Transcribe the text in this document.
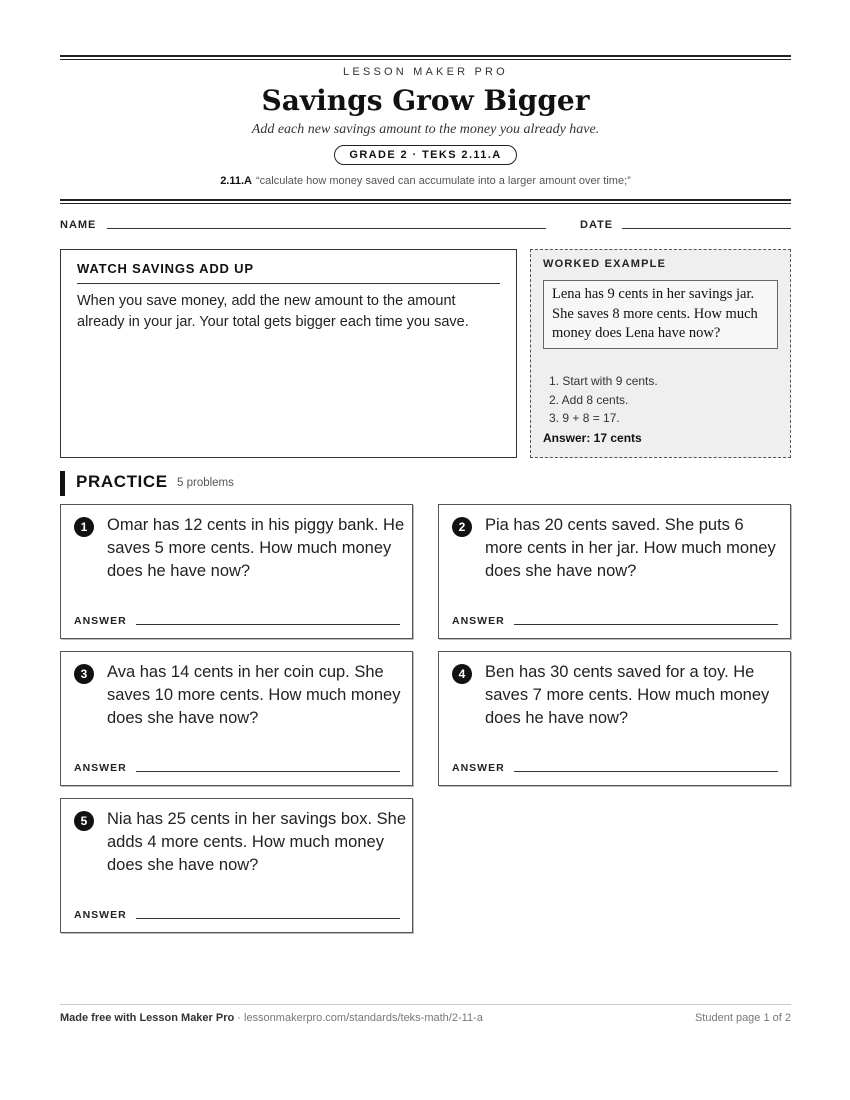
LESSON MAKER PRO
Savings Grow Bigger
Add each new savings amount to the money you already have.
GRADE 2 · TEKS 2.11.A
2.11.A “calculate how money saved can accumulate into a larger amount over time;”
NAME	DATE
WATCH SAVINGS ADD UP
When you save money, add the new amount to the amount already in your jar. Your total gets bigger each time you save.
WORKED EXAMPLE
Lena has 9 cents in her savings jar. She saves 8 more cents. How much money does Lena have now?
1. Start with 9 cents.
2. Add 8 cents.
3. 9 + 8 = 17.
Answer: 17 cents
PRACTICE 5 problems
1	Omar has 12 cents in his piggy bank. He saves 5 more cents. How much money does he have now?
ANSWER
2	Pia has 20 cents saved. She puts 6 more cents in her jar. How much money does she have now?
ANSWER
3	Ava has 14 cents in her coin cup. She saves 10 more cents. How much money does she have now?
ANSWER
4	Ben has 30 cents saved for a toy. He saves 7 more cents. How much money does he have now?
ANSWER
5	Nia has 25 cents in her savings box. She adds 4 more cents. How much money does she have now?
ANSWER
Made free with Lesson Maker Pro · lessonmakerpro.com/standards/teks-math/2-11-a	Student page 1 of 2
